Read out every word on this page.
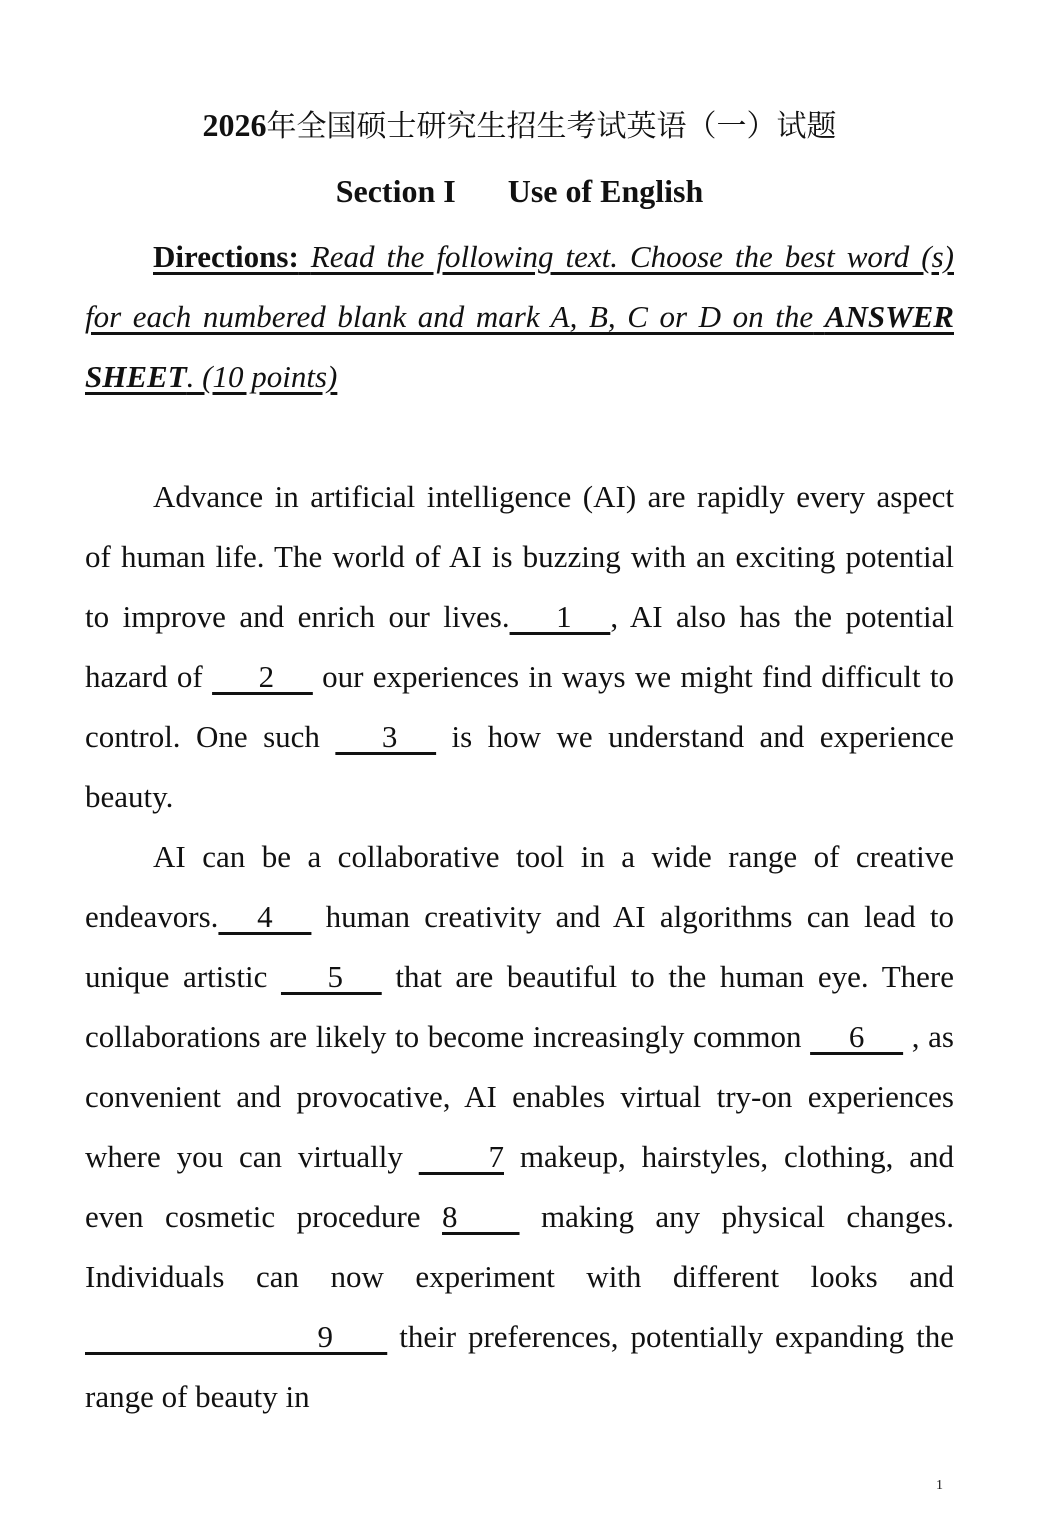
2026年全国硕士研究生招生考试英语（一）试题
Section I Use of English
Directions: Read the following text. Choose the best word (s) for each numbered blank and mark A, B, C or D on the ANSWER SHEET. (10 points)

Advance in artificial intelligence (AI) are rapidly every aspect of human life. The world of AI is buzzing with an exciting potential to improve and enrich our lives.      1     , AI also has the potential hazard of       2      our experiences in ways we might find difficult to control. One such       3      is how we understand and experience beauty.

AI can be a collaborative tool in a wide range of creative endeavors.     4      human creativity and AI algorithms can lead to unique artistic       5      that are beautiful to the human eye. There collaborations are likely to become increasingly common      6      , as convenient and provocative, AI enables virtual try-on experiences where you can virtually          7 makeup, hairstyles, clothing, and even cosmetic procedure 8         making any physical changes. Individuals can now experiment with different looks and                              9        their preferences, potentially expanding the range of beauty in

1
